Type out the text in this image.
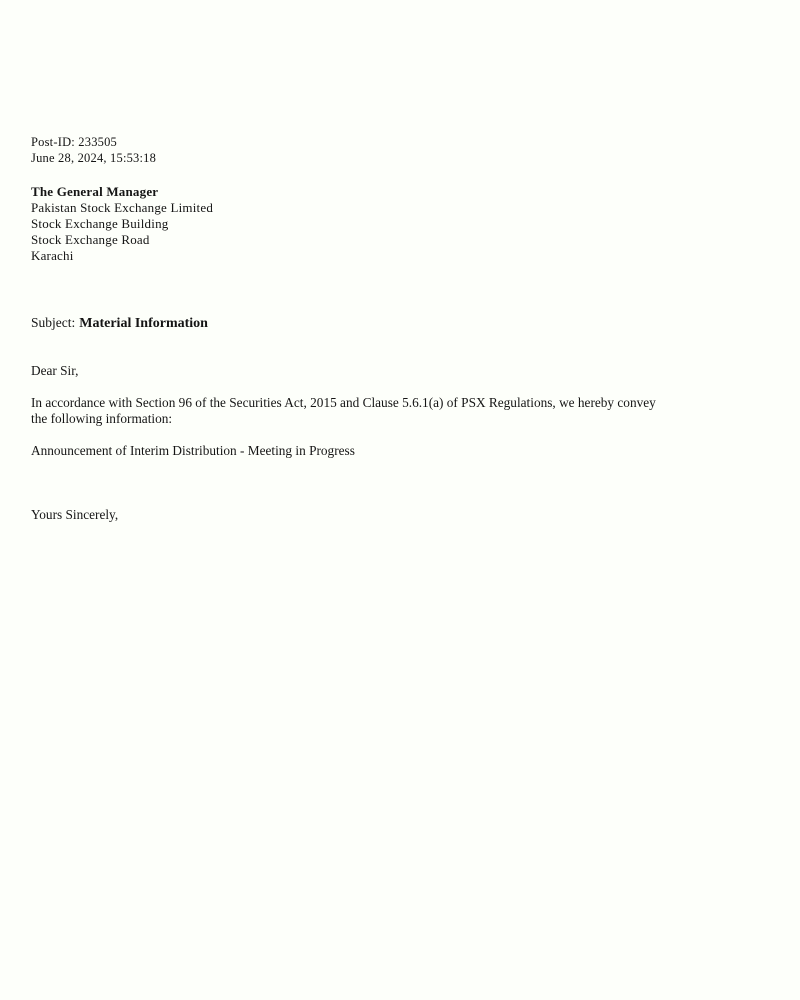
Post-ID: 233505
June 28, 2024, 15:53:18
The General Manager
Pakistan Stock Exchange Limited
Stock Exchange Building
Stock Exchange Road
Karachi
Subject: Material Information
Dear Sir,
In accordance with Section 96 of the Securities Act, 2015 and Clause 5.6.1(a) of PSX Regulations, we hereby convey the following information:
Announcement of Interim Distribution - Meeting in Progress
Yours Sincerely,
